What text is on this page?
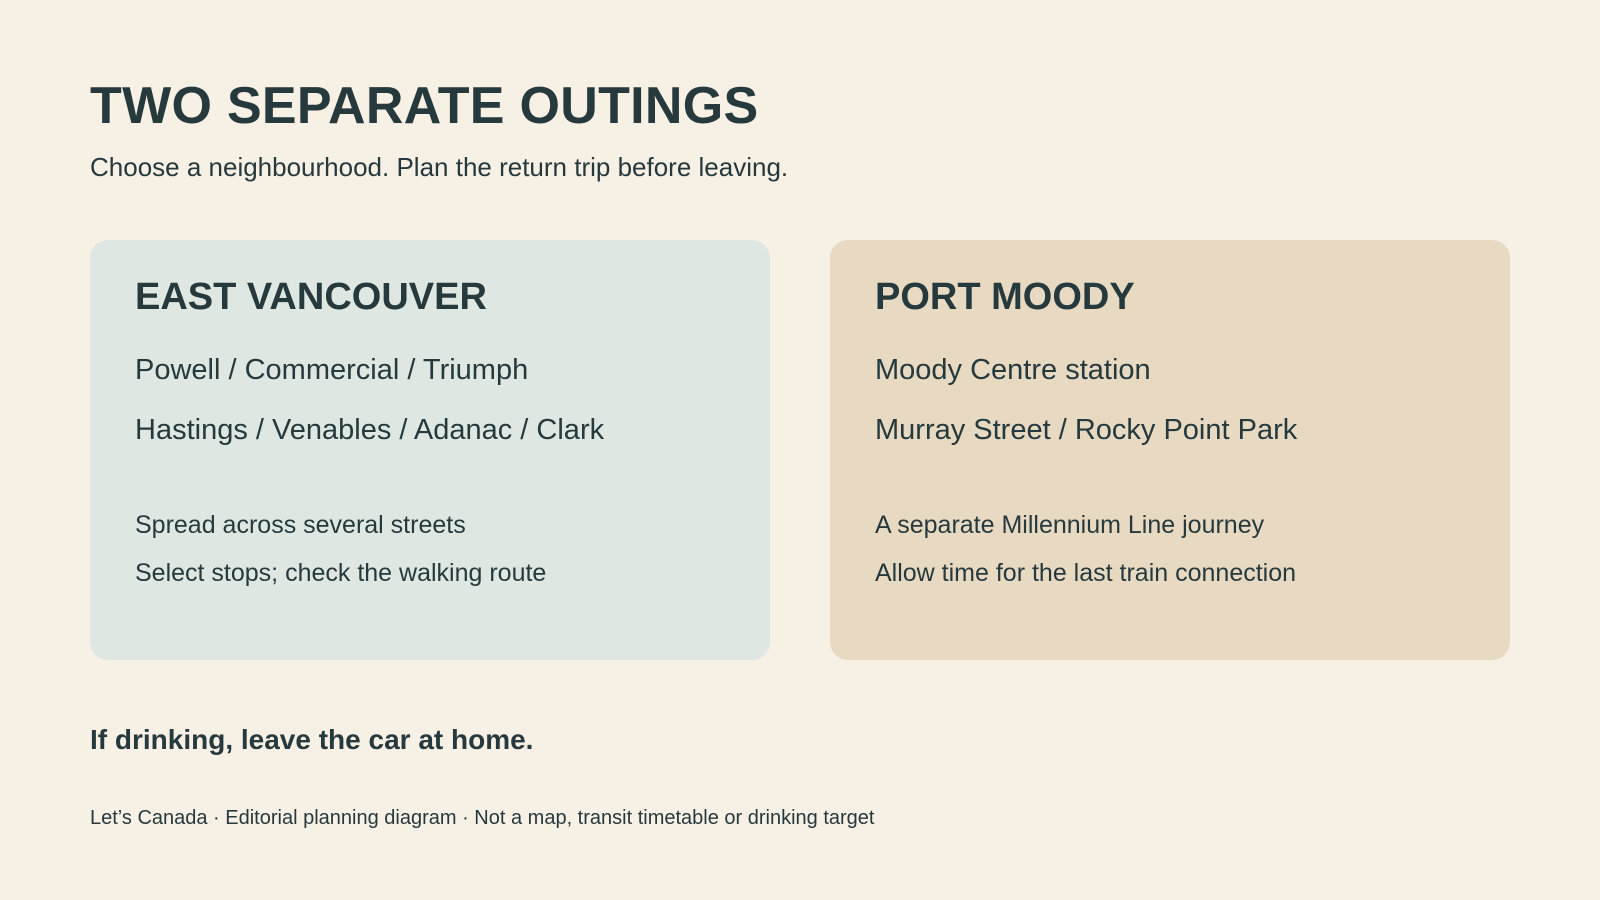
TWO SEPARATE OUTINGS

Choose a neighbourhood. Plan the return trip before leaving.

EAST VANCOUVER
Powell / Commercial / Triumph
Hastings / Venables / Adanac / Clark
Spread across several streets
Select stops; check the walking route
PORT MOODY
Moody Centre station
Murray Street / Rocky Point Park
A separate Millennium Line journey
Allow time for the last train connection

If drinking, leave the car at home.

Let’s Canada · Editorial planning diagram · Not a map, transit timetable or drinking target
